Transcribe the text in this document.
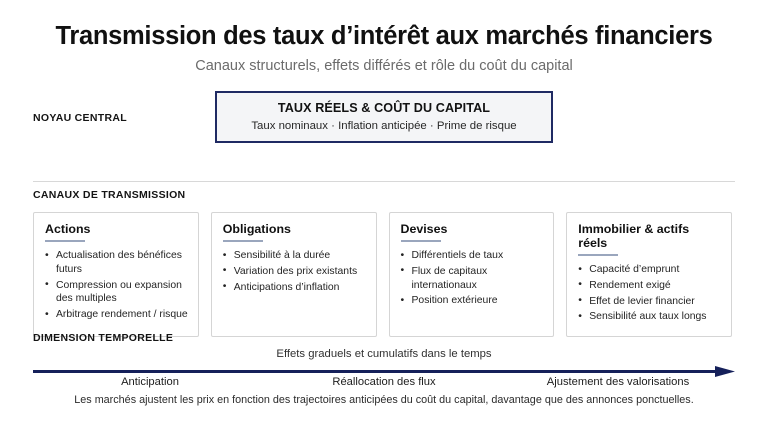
Transmission des taux d’intérêt aux marchés financiers
Canaux structurels, effets différés et rôle du coût du capital
NOYAU CENTRAL
TAUX RÉELS & COÛT DU CAPITAL
Taux nominaux · Inflation anticipée · Prime de risque
CANAUX DE TRANSMISSION
Actions
• Actualisation des bénéfices futurs
• Compression ou expansion des multiples
• Arbitrage rendement / risque
Obligations
• Sensibilité à la durée
• Variation des prix existants
• Anticipations d’inflation
Devises
• Différentiels de taux
• Flux de capitaux internationaux
• Position extérieure
Immobilier & actifs réels
• Capacité d’emprunt
• Rendement exigé
• Effet de levier financier
• Sensibilité aux taux longs
DIMENSION TEMPORELLE
Effets graduels et cumulatifs dans le temps
Anticipation	Réallocation des flux	Ajustement des valorisations
Les marchés ajustent les prix en fonction des trajectoires anticipées du coût du capital, davantage que des annonces ponctuelles.
